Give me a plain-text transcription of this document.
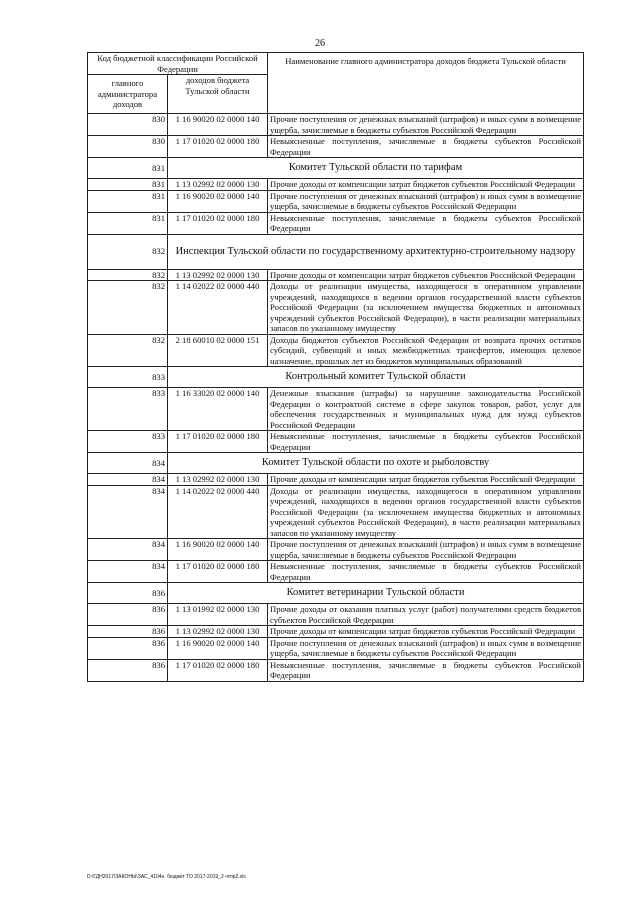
26
Код бюджетной классификации Российской Федерации		Наименование главного администратора доходов бюджета Тульской области
главного администратора доходов	доходов бюджета Тульской области	
830	1 16 90020 02 0000 140	Прочие поступления от денежных взысканий (штрафов) и иных сумм в возмещение ущерба, зачисляемые в бюджеты субъектов Российской Федерации
830	1 17 01020 02 0000 180	Невыясненные поступления, зачисляемые в бюджеты субъектов Российской Федерации
831	Комитет Тульской области по тарифам	
831	1 13 02992 02 0000 130	Прочие доходы от компенсации затрат бюджетов субъектов Российской Федерации
831	1 16 90020 02 0000 140	Прочие поступления от денежных взысканий (штрафов) и иных сумм в возмещение ущерба, зачисляемые в бюджеты субъектов Российской Федерации
831	1 17 01020 02 0000 180	Невыясненные поступления, зачисляемые в бюджеты субъектов Российской Федерации
832	Инспекция Тульской области по государственному архитектурно-строительному надзору	
832	1 13 02992 02 0000 130	Прочие доходы от компенсации затрат бюджетов субъектов Российской Федерации
832	1 14 02022 02 0000 440	Доходы от реализации имущества, находящегося в оперативном управлении учреждений, находящихся в ведении органов государственной власти субъектов Российской Федерации (за исключением имущества бюджетных и автономных учреждений субъектов Российской Федерации), в части реализации материальных запасов по указанному имуществу
832	2 18 60010 02 0000 151	Доходы бюджетов субъектов Российской Федерации от возврата прочих остатков субсидий, субвенций и иных межбюджетных трансфертов, имеющих целевое назначение, прошлых лет из бюджетов муниципальных образований
833	Контрольный комитет Тульской области	
833	1 16 33020 02 0000 140	Денежные взыскания (штрафы) за нарушение законодательства Российской Федерации о контрактной системе в сфере закупок товаров, работ, услуг для обеспечения государственных и муниципальных нужд для нужд субъектов Российской Федерации
833	1 17 01020 02 0000 180	Невыясненные поступления, зачисляемые в бюджеты субъектов Российской Федерации
834	Комитет Тульской области по охоте и рыболовству	
834	1 13 02992 02 0000 130	Прочие доходы от компенсации затрат бюджетов субъектов Российской Федерации
834	1 14 02022 02 0000 440	Доходы от реализации имущества, находящегося в оперативном управлении учреждений, находящихся в ведении органов государственной власти субъектов Российской Федерации (за исключением имущества бюджетных и автономных учреждений субъектов Российской Федерации), в части реализации материальных запасов по указанному имуществу
834	1 16 90020 02 0000 140	Прочие поступления от денежных взысканий (штрафов) и иных сумм в возмещение ущерба, зачисляемые в бюджеты субъектов Российской Федерации
834	1 17 01020 02 0000 180	Невыясненные поступления, зачисляемые в бюджеты субъектов Российской Федерации
836	Комитет ветеринарии Тульской области	
836	1 13 01992 02 0000 130	Прочие доходы от оказания платных услуг (работ) получателями средств бюджетов субъектов Российской Федерации
836	1 13 02992 02 0000 130	Прочие доходы от компенсации затрат бюджетов субъектов Российской Федерации
836	1 16 90020 02 0000 140	Прочие поступления от денежных взысканий (штрафов) и иных сумм в возмещение ущерба, зачисляемые в бюджеты субъектов Российской Федерации
836	1 17 01020 02 0000 180	Невыясненные поступления, зачисляемые в бюджеты субъектов Российской Федерации
D:\ГДН2017\ЗАКОНЫ\ЗАС_4104н. бюджет ТО 2017-2019_2 чтпр2.xls
